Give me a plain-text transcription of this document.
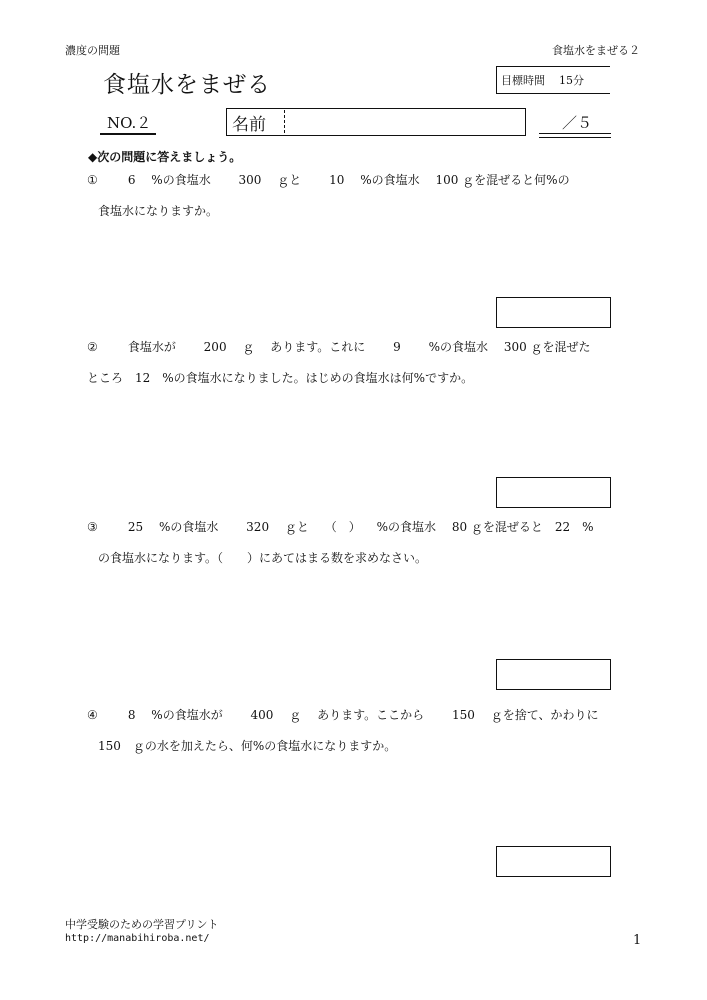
濃度の問題	食塩水をまぜる２
食塩水をまぜる	目標時間 15分
NO.２	名前	／５
◆次の問題に答えましょう。
①	6 %の食塩水 300 ｇと 10 %の食塩水 100 ｇを混ぜると何%の
食塩水になりますか。
②	食塩水が 200 ｇ あります。これに 9 %の食塩水 300 ｇを混ぜた
ところ　12　%の食塩水になりました。はじめの食塩水は何%ですか。
③	25 %の食塩水 320 ｇと （　） %の食塩水 80 ｇを混ぜると　22　%
の食塩水になります。（　　）にあてはまる数を求めなさい。
④	8 %の食塩水が 400 ｇ あります。ここから 150 ｇを捨て、かわりに
150　ｇの水を加えたら、何%の食塩水になりますか。
中学受験のための学習プリント
http://manabihiroba.net/	1
